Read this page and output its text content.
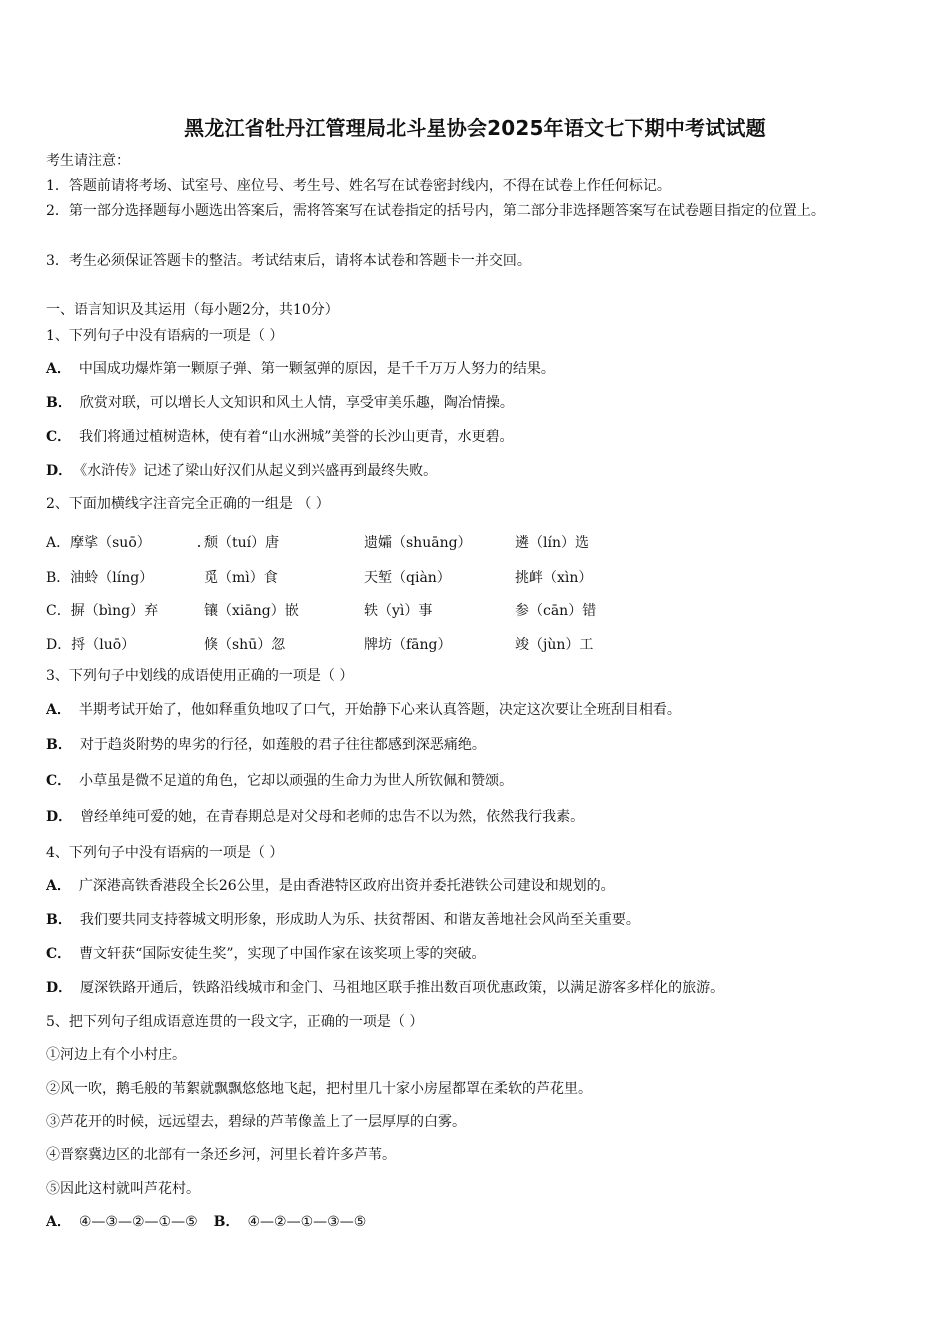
黑龙江省牡丹江管理局北斗星协会2025年语文七下期中考试试题
考生请注意：
1．答题前请将考场、试室号、座位号、考生号、姓名写在试卷密封线内，不得在试卷上作任何标记。
2．第一部分选择题每小题选出答案后，需将答案写在试卷指定的括号内，第二部分非选择题答案写在试卷题目指定的位置上。
3．考生必须保证答题卡的整洁。考试结束后，请将本试卷和答题卡一并交回。
一、语言知识及其运用（每小题2分，共10分）
1、下列句子中没有语病的一项是（ ）
A． 中国成功爆炸第一颗原子弹、第一颗氢弹的原因，是千千万万人努力的结果。
B． 欣赏对联，可以增长人文知识和风土人情，享受审美乐趣，陶冶情操。
C． 我们将通过植树造林，使有着“山水洲城”美誉的长沙山更青，水更碧。
D． 《水浒传》记述了梁山好汉们从起义到兴盛再到最终失败。
2、下面加横线字注音完全正确的一组是 （ ）
A．摩挲（suō）	颓（tuí）唐	遗孀（shuāng）	遴（lín）选
B．油蛉（líng）	觅（mì）食	天堑（qiàn）	挑衅（xìn）
C．摒（bìng）弃	镶（xiāng）嵌	轶（yì）事	参（cān）错
D．捋（luō）	倏（shū）忽	牌坊（fāng）	竣（jùn）工
3、下列句子中划线的成语使用正确的一项是（ ）
A． 半期考试开始了，他如释重负地叹了口气，开始静下心来认真答题，决定这次要让全班刮目相看。
B． 对于趋炎附势的卑劣的行径，如莲般的君子往往都感到深恶痛绝。
C． 小草虽是微不足道的角色，它却以顽强的生命力为世人所钦佩和赞颂。
D． 曾经单纯可爱的她，在青春期总是对父母和老师的忠告不以为然，依然我行我素。
4、下列句子中没有语病的一项是（ ）
A． 广深港高铁香港段全长26公里，是由香港特区政府出资并委托港铁公司建设和规划的。
B． 我们要共同支持蓉城文明形象，形成助人为乐、扶贫帮困、和谐友善地社会风尚至关重要。
C． 曹文轩获“国际安徒生奖”，实现了中国作家在该奖项上零的突破。
D． 厦深铁路开通后，铁路沿线城市和金门、马祖地区联手推出数百项优惠政策，以满足游客多样化的旅游。
5、把下列句子组成语意连贯的一段文字，正确的一项是（ ）
①河边上有个小村庄。
②风一吹，鹅毛般的苇絮就飘飘悠悠地飞起，把村里几十家小房屋都罩在柔软的芦花里。
③芦花开的时候，远远望去，碧绿的芦苇像盖上了一层厚厚的白雾。
④晋察冀边区的北部有一条还乡河，河里长着许多芦苇。
⑤因此这村就叫芦花村。
A． ④—③—②—①—⑤ B． ④—②—①—③—⑤
